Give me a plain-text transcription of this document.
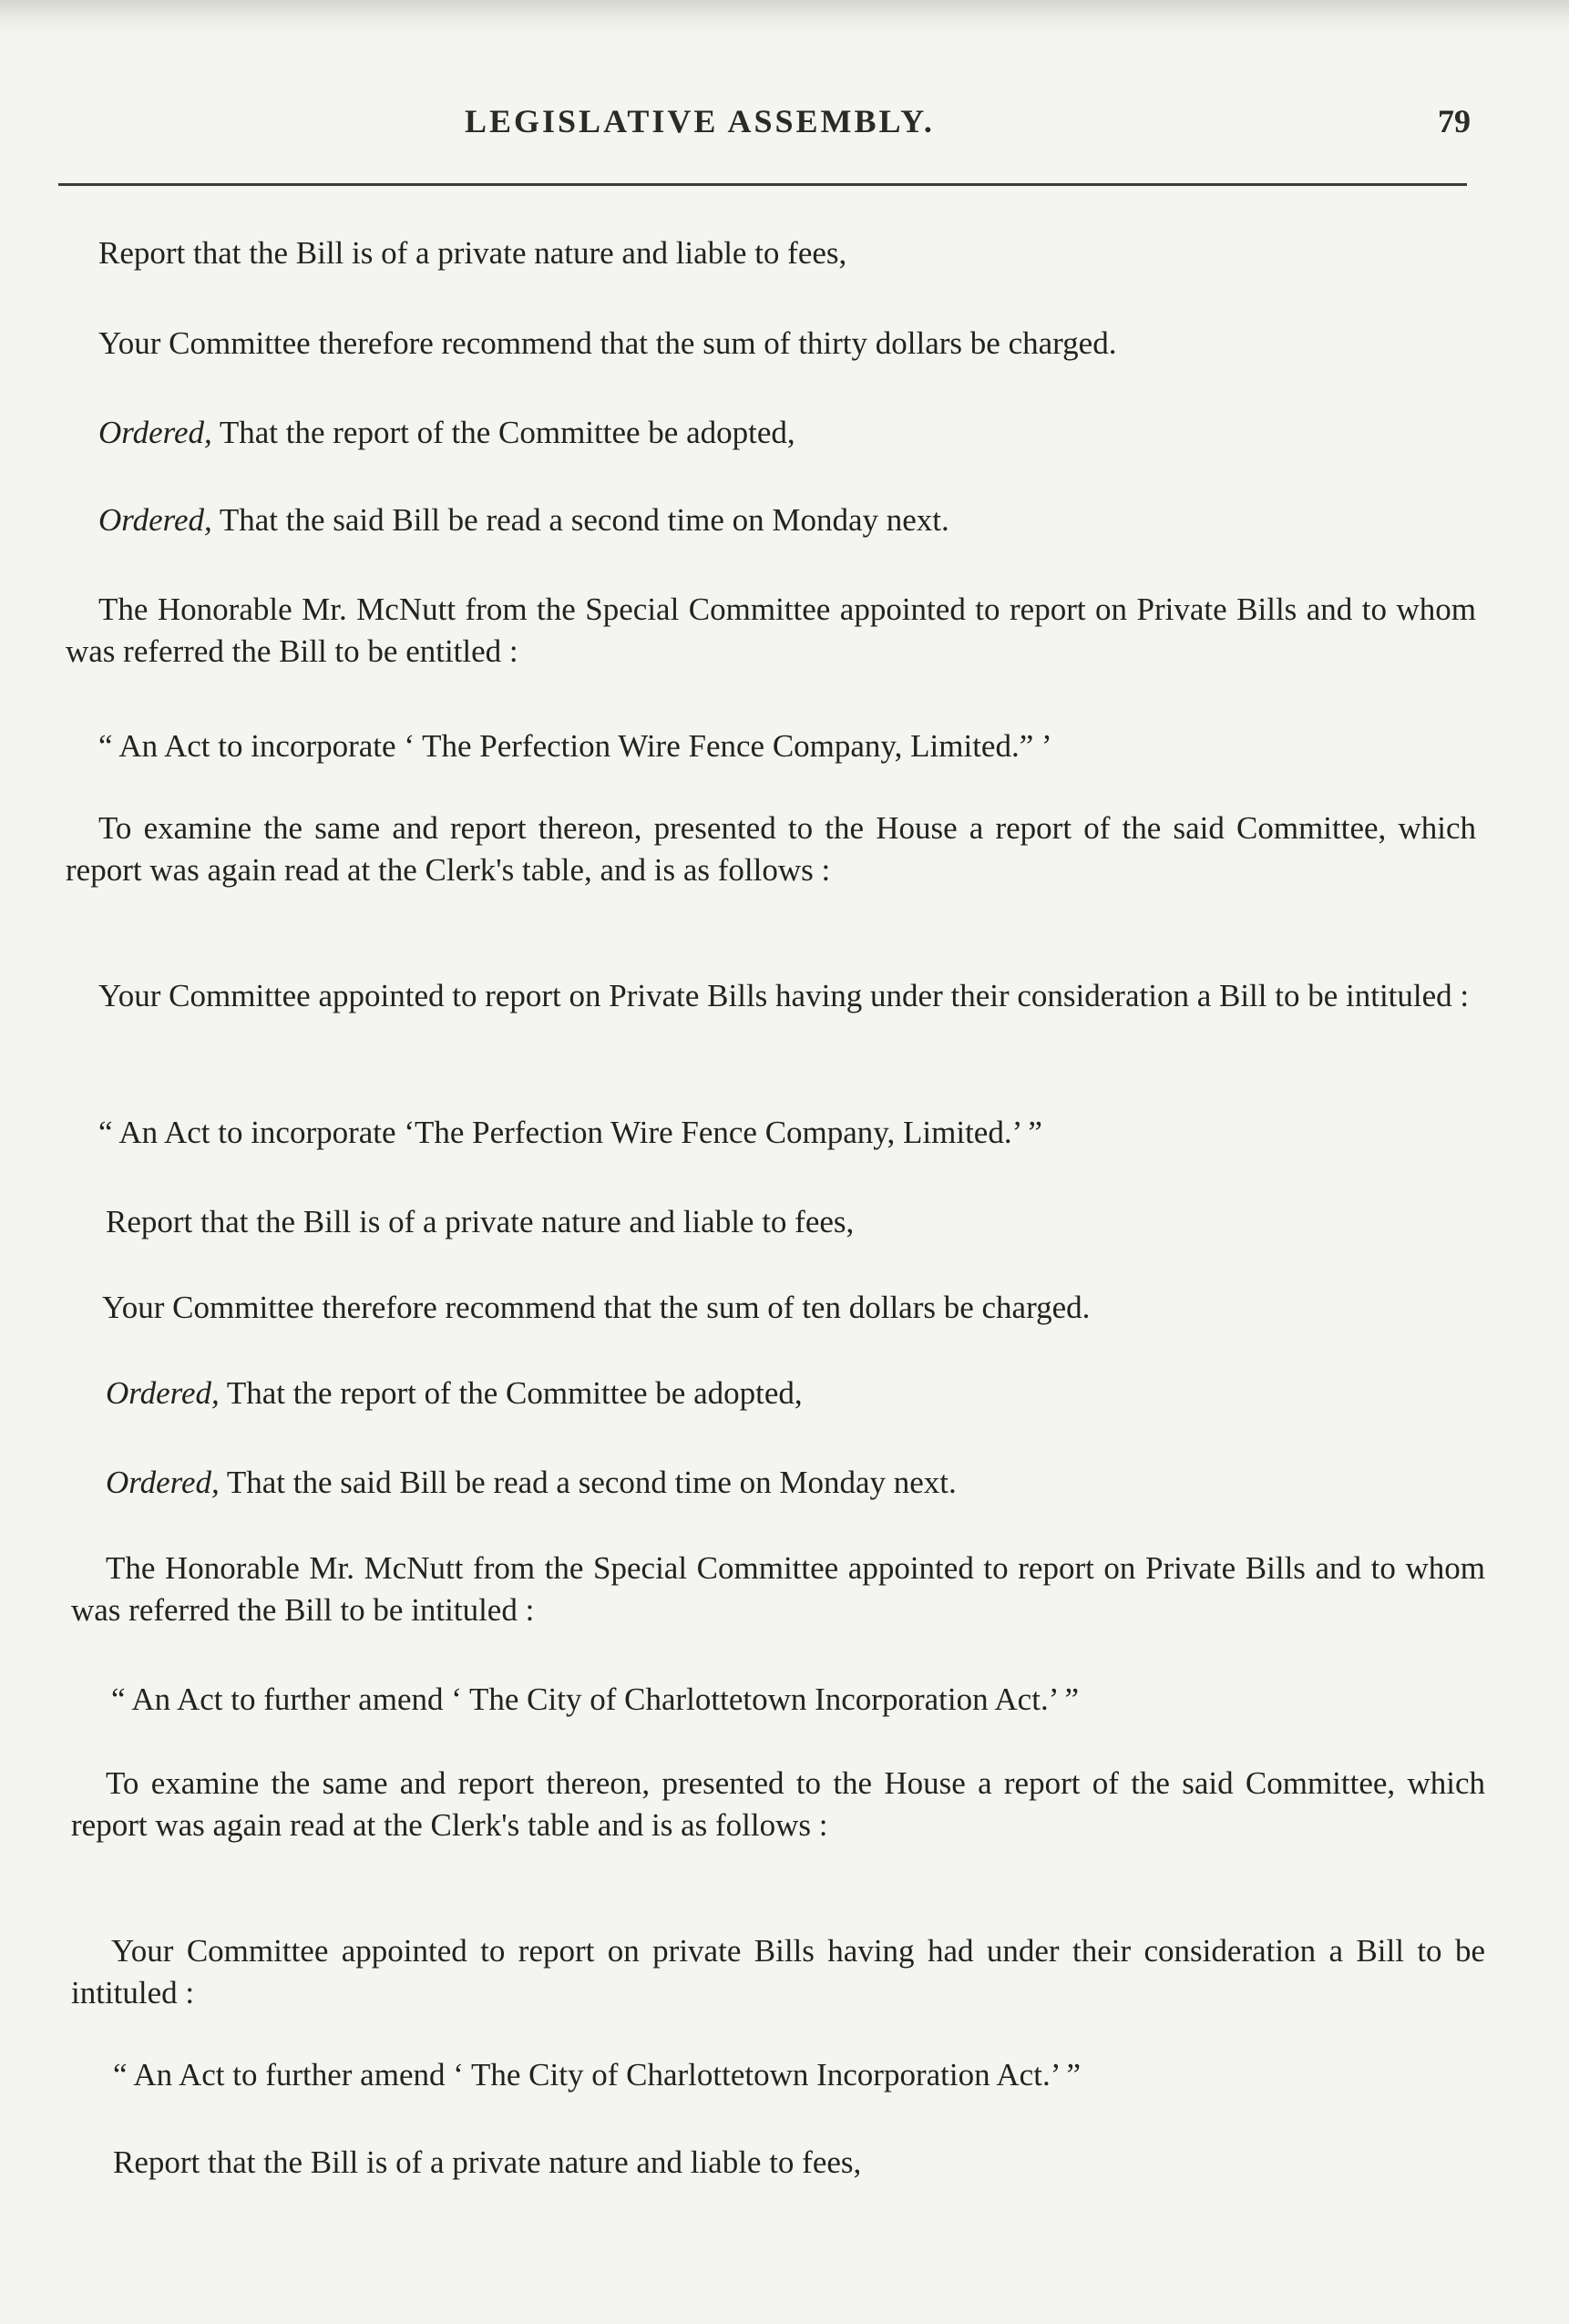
LEGISLATIVE ASSEMBLY.	79

Report that the Bill is of a private nature and liable to fees,

Your Committee therefore recommend that the sum of thirty dollars be charged.

Ordered, That the report of the Committee be adopted,

Ordered, That the said Bill be read a second time on Monday next.

The Honorable Mr. McNutt from the Special Committee appointed to report on Private Bills and to whom was referred the Bill to be entitled :

“ An Act to incorporate ‘ The Perfection Wire Fence Company, Limited.” ’

To examine the same and report thereon, presented to the House a report of the said Committee, which report was again read at the Clerk's table, and is as follows :

Your Committee appointed to report on Private Bills having under their consideration a Bill to be intituled :

“ An Act to incorporate ‘The Perfection Wire Fence Company, Limited.’ ”

Report that the Bill is of a private nature and liable to fees,

Your Committee therefore recommend that the sum of ten dollars be charged.

Ordered, That the report of the Committee be adopted,

Ordered, That the said Bill be read a second time on Monday next.

The Honorable Mr. McNutt from the Special Committee appointed to report on Private Bills and to whom was referred the Bill to be intituled :

“ An Act to further amend ‘ The City of Charlottetown Incorporation Act.’ ”

To examine the same and report thereon, presented to the House a report of the said Committee, which report was again read at the Clerk's table and is as follows :

Your Committee appointed to report on private Bills having had under their consideration a Bill to be intituled :

“ An Act to further amend ‘ The City of Charlottetown Incorporation Act.’ ”

Report that the Bill is of a private nature and liable to fees,
